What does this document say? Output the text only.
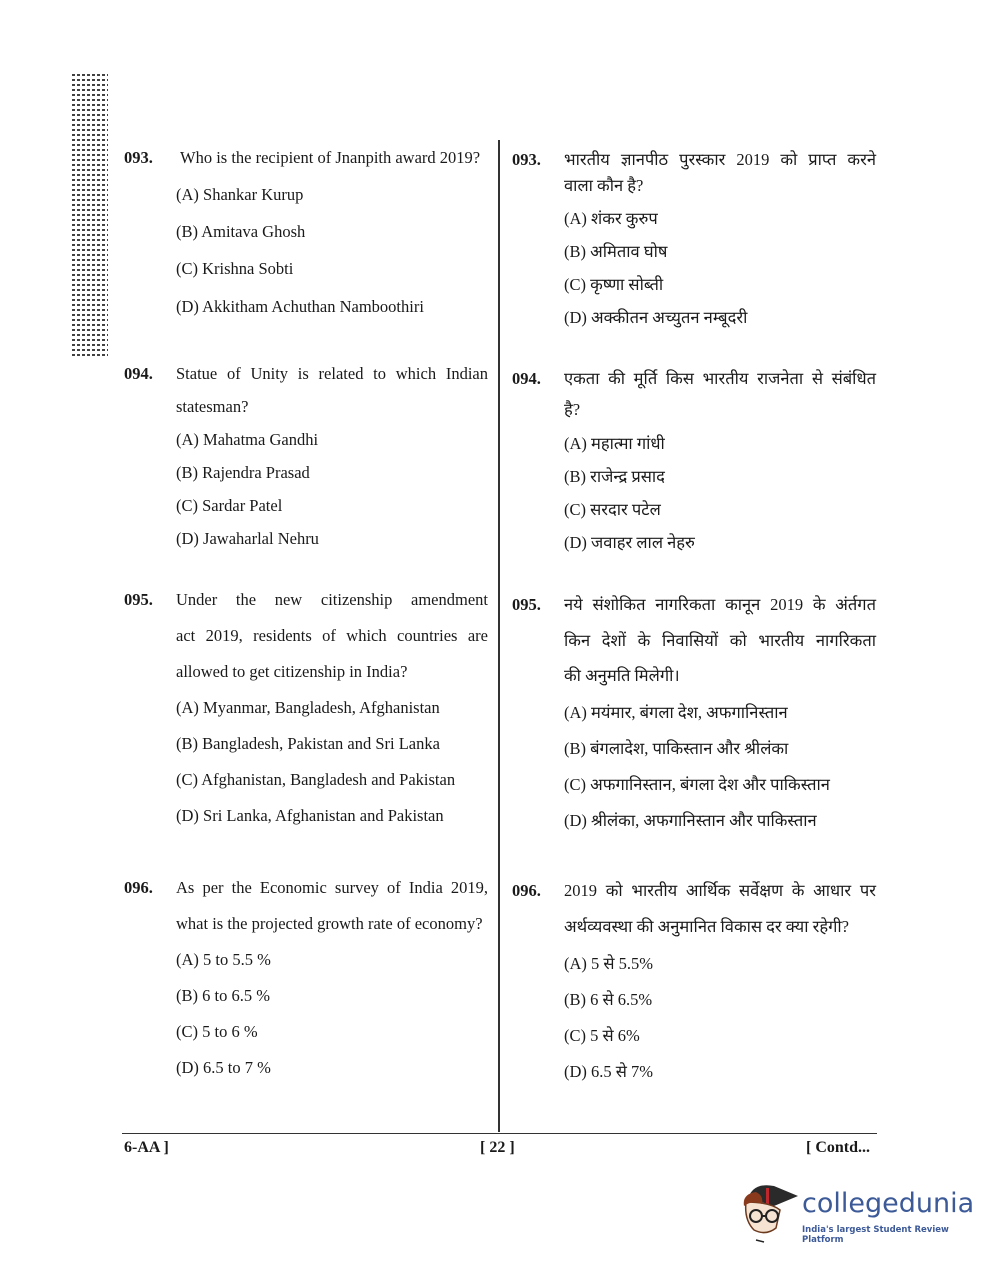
093. Who is the recipient of Jnanpith award 2019?
(A) Shankar Kurup
(B) Amitava Ghosh
(C) Krishna Sobti
(D) Akkitham Achuthan Namboothiri
093. भारतीय ज्ञानपीठ पुरस्कार 2019 को प्राप्त करने
वाला कौन है?
(A) शंकर कुरुप
(B) अमिताव घोष
(C) कृष्णा सोब्ती
(D) अक्कीतन अच्युतन नम्बूदरी
094. Statue of Unity is related to which Indian
statesman?
(A) Mahatma Gandhi
(B) Rajendra Prasad
(C) Sardar Patel
(D) Jawaharlal Nehru
094. एकता की मूर्ति किस भारतीय राजनेता से संबंधित
है?
(A) महात्मा गांधी
(B) राजेन्द्र प्रसाद
(C) सरदार पटेल
(D) जवाहर लाल नेहरु
095. Under the new citizenship amendment
act 2019, residents of which countries are
allowed to get citizenship in India?
(A) Myanmar, Bangladesh, Afghanistan
(B) Bangladesh, Pakistan and Sri Lanka
(C) Afghanistan, Bangladesh and Pakistan
(D) Sri Lanka, Afghanistan and Pakistan
095. नये संशोकित नागरिकता कानून 2019 के अंर्तगत
किन देशों के निवासियों को भारतीय नागरिकता
की अनुमति मिलेगी।
(A) मयंमार, बंगला देश, अफगानिस्तान
(B) बंगलादेश, पाकिस्तान और श्रीलंका
(C) अफगानिस्तान, बंगला देश और पाकिस्तान
(D) श्रीलंका, अफगानिस्तान और पाकिस्तान
096. As per the Economic survey of India 2019,
what is the projected growth rate of economy?
(A) 5 to 5.5 %
(B) 6 to 6.5 %
(C) 5 to 6 %
(D) 6.5 to 7 %
096. 2019 को भारतीय आर्थिक सर्वेक्षण के आधार पर
अर्थव्यवस्था की अनुमानित विकास दर क्या रहेगी?
(A) 5 से 5.5%
(B) 6 से 6.5%
(C) 5 से 6%
(D) 6.5 से 7%
6-AA ]	[ 22 ]	[ Contd...
collegedunia
India's largest Student Review Platform
